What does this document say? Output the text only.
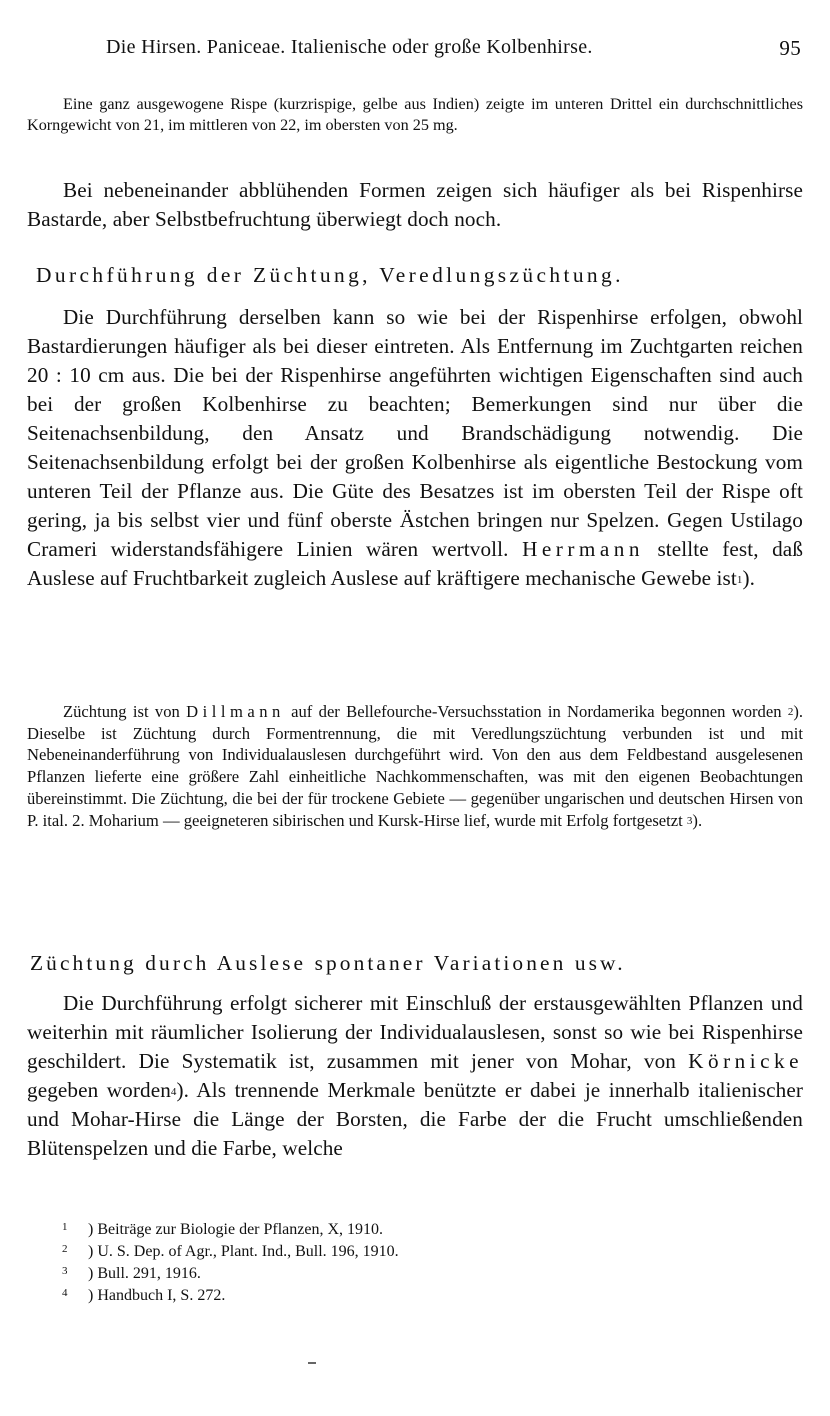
Die Hirsen. Paniceae. Italienische oder große Kolbenhirse.	95

Eine ganz ausgewogene Rispe (kurzrispige, gelbe aus Indien) zeigte im unteren Drittel ein durchschnittliches Korngewicht von 21, im mittleren von 22, im obersten von 25 mg.

Bei nebeneinander abblühenden Formen zeigen sich häufiger als bei Rispenhirse Bastarde, aber Selbstbefruchtung überwiegt doch noch.

Durchführung der Züchtung, Veredlungszüchtung.

Die Durchführung derselben kann so wie bei der Rispenhirse erfolgen, obwohl Bastardierungen häufiger als bei dieser eintreten. Als Entfernung im Zuchtgarten reichen 20 : 10 cm aus. Die bei der Rispenhirse angeführten wichtigen Eigenschaften sind auch bei der großen Kolbenhirse zu beachten; Bemerkungen sind nur über die Seitenachsenbildung, den Ansatz und Brandschädigung notwendig. Die Seitenachsenbildung erfolgt bei der großen Kolbenhirse als eigentliche Bestockung vom unteren Teil der Pflanze aus. Die Güte des Besatzes ist im obersten Teil der Rispe oft gering, ja bis selbst vier und fünf oberste Ästchen bringen nur Spelzen. Gegen Ustilago Crameri widerstandsfähigere Linien wären wertvoll. Herrmann stellte fest, daß Auslese auf Fruchtbarkeit zugleich Auslese auf kräftigere mechanische Gewebe ist$^1$).

Züchtung ist von Dillmann auf der Bellefourche-Versuchsstation in Nordamerika begonnen worden $^2$). Dieselbe ist Züchtung durch Formentrennung, die mit Veredlungszüchtung verbunden ist und mit Nebeneinanderführung von Individualauslesen durchgeführt wird. Von den aus dem Feldbestand ausgelesenen Pflanzen lieferte eine größere Zahl einheitliche Nachkommenschaften, was mit den eigenen Beobachtungen übereinstimmt. Die Züchtung, die bei der für trockene Gebiete — gegenüber ungarischen und deutschen Hirsen von P. ital. 2. Moharium — geeigneteren sibirischen und Kursk-Hirse lief, wurde mit Erfolg fortgesetzt $^3$).

Züchtung durch Auslese spontaner Variationen usw.

Die Durchführung erfolgt sicherer mit Einschluß der erstausgewählten Pflanzen und weiterhin mit räumlicher Isolierung der Individualauslesen, sonst so wie bei Rispenhirse geschildert. Die Systematik ist, zusammen mit jener von Mohar, von Körnicke gegeben worden$^4$). Als trennende Merkmale benützte er dabei je innerhalb italienischer und Mohar-Hirse die Länge der Borsten, die Farbe der die Frucht umschließenden Blütenspelzen und die Farbe, welche

$^1$ ) Beiträge zur Biologie der Pflanzen, X, 1910.
$^2$ ) U. S. Dep. of Agr., Plant. Ind., Bull. 196, 1910.
$^3$ ) Bull. 291, 1916.
$^4$ ) Handbuch I, S. 272.
